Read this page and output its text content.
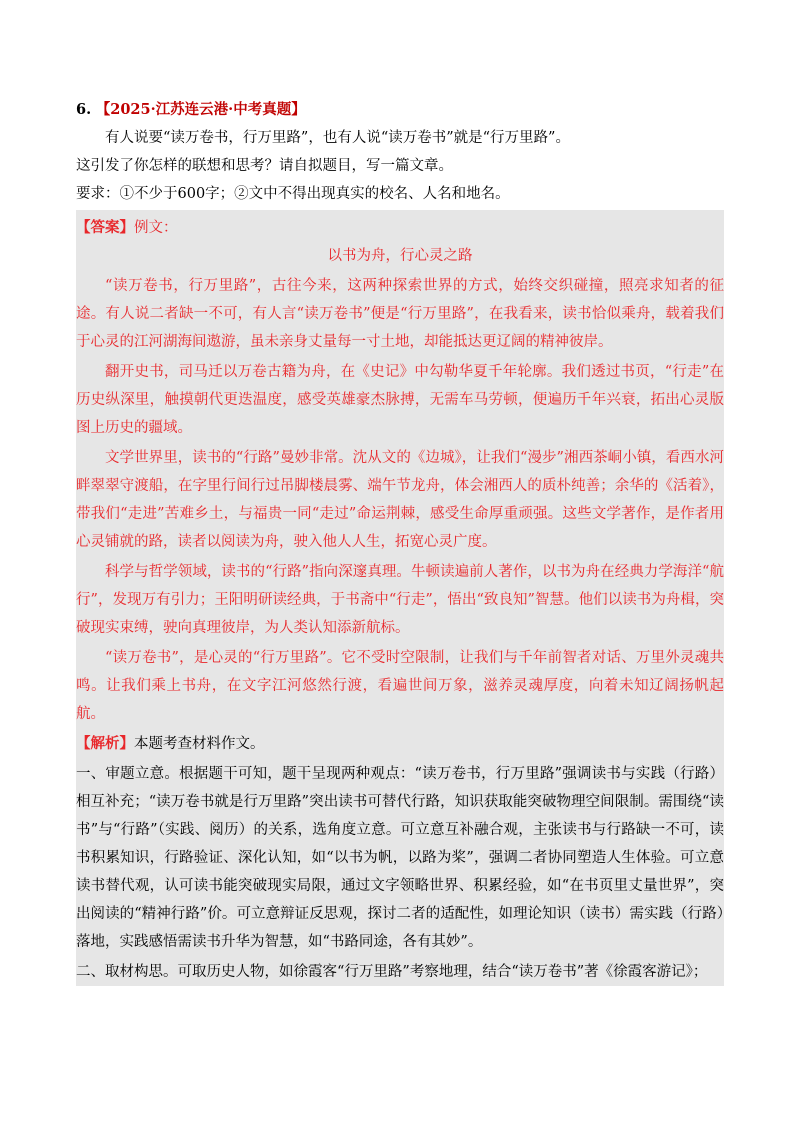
6. 【2025·江苏连云港·中考真题】
有人说要“读万卷书，行万里路”，也有人说“读万卷书”就是“行万里路”。
这引发了你怎样的联想和思考？请自拟题目，写一篇文章。
要求：①不少于600字；②文中不得出现真实的校名、人名和地名。
【答案】例文：
以书为舟，行心灵之路

“读万卷书，行万里路”，古往今来，这两种探索世界的方式，始终交织碰撞，照亮求知者的征途。有人说二者缺一不可，有人言“读万卷书”便是“行万里路”，在我看来，读书恰似乘舟，载着我们于心灵的江河湖海间遨游，虽未亲身丈量每一寸土地，却能抵达更辽阔的精神彼岸。

翻开史书，司马迁以万卷古籍为舟，在《史记》中勾勒华夏千年轮廓。我们透过书页，“行走”在历史纵深里，触摸朝代更迭温度，感受英雄豪杰脉搏，无需车马劳顿，便遍历千年兴衰，拓出心灵版图上历史的疆域。

文学世界里，读书的“行路”曼妙非常。沈从文的《边城》，让我们“漫步”湘西茶峒小镇，看西水河畔翠翠守渡船，在字里行间行过吊脚楼晨雾、端午节龙舟，体会湘西人的质朴纯善；余华的《活着》，带我们“走进”苦难乡土，与福贵一同“走过”命运荆棘，感受生命厚重顽强。这些文学著作，是作者用心灵铺就的路，读者以阅读为舟，驶入他人人生，拓宽心灵广度。

科学与哲学领域，读书的“行路”指向深邃真理。牛顿读遍前人著作，以书为舟在经典力学海洋“航行”，发现万有引力；王阳明研读经典，于书斋中“行走”，悟出“致良知”智慧。他们以读书为舟楫，突破现实束缚，驶向真理彼岸，为人类认知添新航标。

“读万卷书”，是心灵的“行万里路”。它不受时空限制，让我们与千年前智者对话、万里外灵魂共鸣。让我们乘上书舟，在文字江河悠然行渡，看遍世间万象，滋养灵魂厚度，向着未知辽阔扬帆起航。

【解析】本题考查材料作文。

一、审题立意。根据题干可知，题干呈现两种观点：“读万卷书，行万里路”强调读书与实践（行路）相互补充；“读万卷书就是行万里路”突出读书可替代行路，知识获取能突破物理空间限制。需围绕“读书”与“行路”（实践、阅历）的关系，选角度立意。可立意互补融合观，主张读书与行路缺一不可，读书积累知识，行路验证、深化认知，如“以书为帆，以路为桨”，强调二者协同塑造人生体验。可立意读书替代观，认可读书能突破现实局限，通过文字领略世界、积累经验，如“在书页里丈量世界”，突出阅读的“精神行路”价。可立意辩证反思观，探讨二者的适配性，如理论知识（读书）需实践（行路）落地，实践感悟需读书升华为智慧，如“书路同途，各有其妙”。

二、取材构思。可取历史人物，如徐霞客“行万里路”考察地理，结合“读万卷书”著《徐霞客游记》；
